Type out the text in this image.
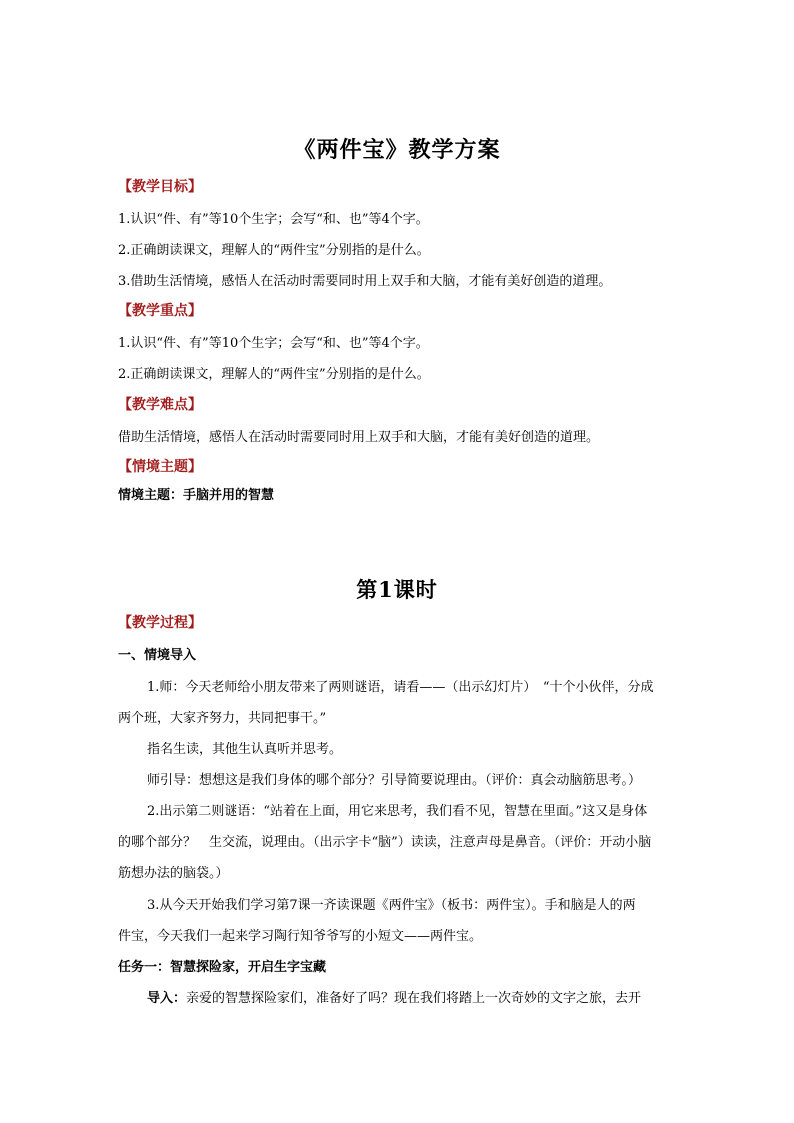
《两件宝》教学方案

【教学目标】

1.认识“件、有”等10个生字；会写“和、也”等4个字。

2.正确朗读课文，理解人的“两件宝”分别指的是什么。

3.借助生活情境，感悟人在活动时需要同时用上双手和大脑，才能有美好创造的道理。

【教学重点】

1.认识“件、有”等10个生字；会写“和、也”等4个字。

2.正确朗读课文，理解人的“两件宝”分别指的是什么。

【教学难点】

借助生活情境，感悟人在活动时需要同时用上双手和大脑，才能有美好创造的道理。

【情境主题】

情境主题：手脑并用的智慧

第1课时

【教学过程】

一、情境导入

1.师：今天老师给小朋友带来了两则谜语，请看——（出示幻灯片）　“十个小伙伴，分成

两个班，大家齐努力，共同把事干。”

指名生读，其他生认真听并思考。

师引导：想想这是我们身体的哪个部分？引导简要说理由。（评价：真会动脑筋思考。）

2.出示第二则谜语：“站着在上面，用它来思考，我们看不见，智慧在里面。”这又是身体

的哪个部分？　生交流，说理由。（出示字卡“脑”）读读，注意声母是鼻音。（评价：开动小脑

筋想办法的脑袋。）

3.从今天开始我们学习第7课一齐读课题《两件宝》（板书：两件宝）。手和脑是人的两

件宝，今天我们一起来学习陶行知爷爷写的小短文——两件宝。

任务一：智慧探险家，开启生字宝藏

导入：亲爱的智慧探险家们，准备好了吗？现在我们将踏上一次奇妙的文字之旅，去开
